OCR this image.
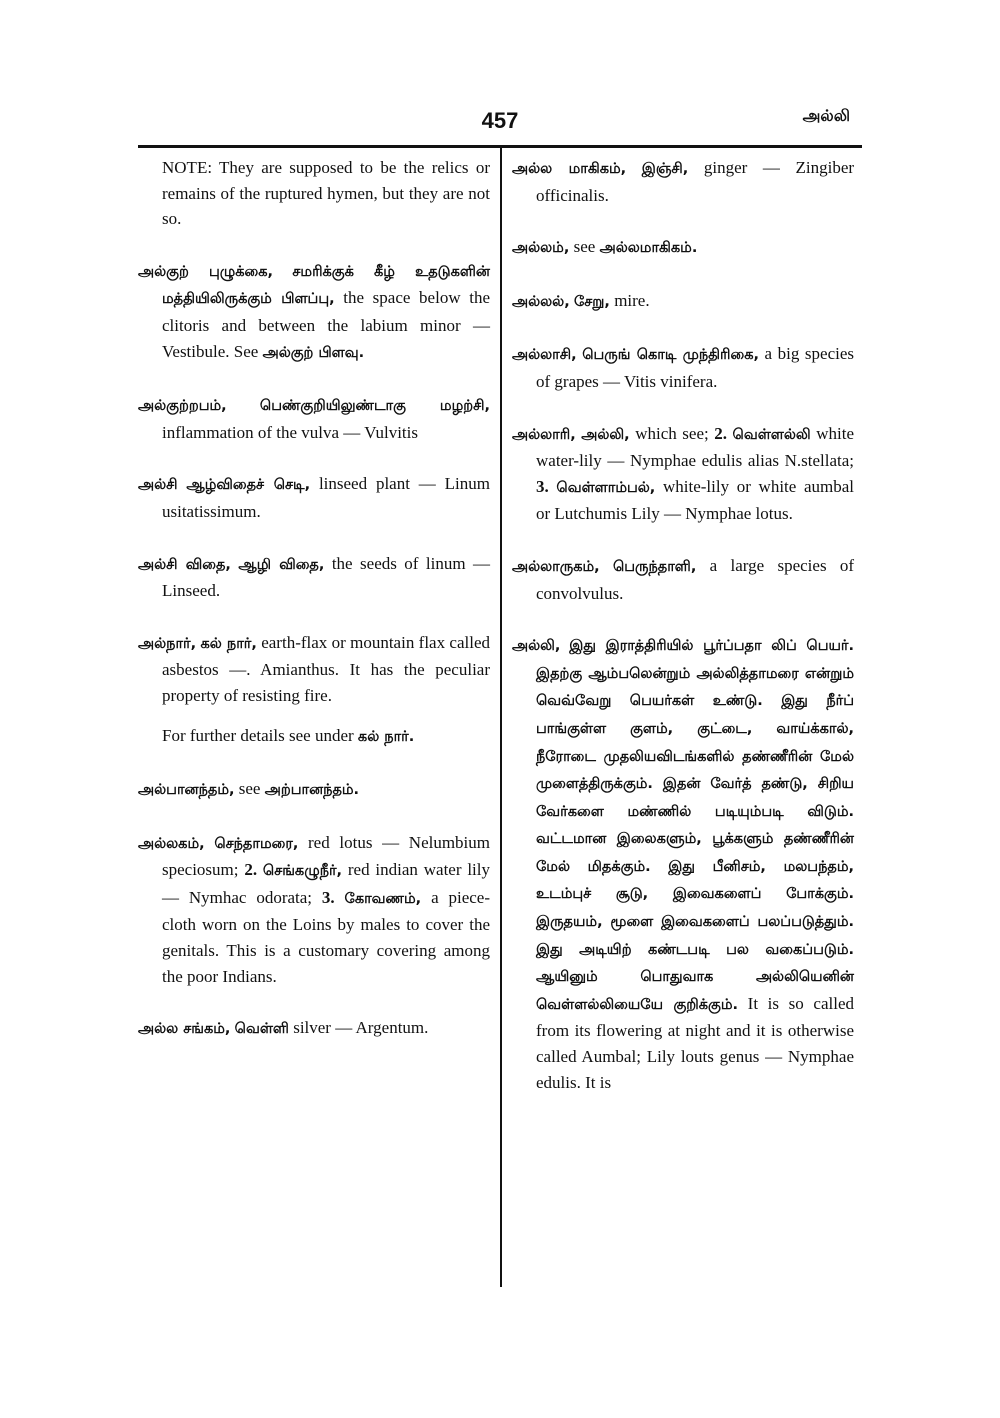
457	அல்லி

NOTE: They are supposed to be the relics or remains of the ruptured hymen, but they are not so.

அல்குற் புழுக்கை, சமரிக்குக் கீழ் உதடுகளின் மத்தியிலிருக்கும் பிளப்பு, the space below the clitoris and between the labium minor — Vestibule. See அல்குற் பிளவு.

அல்குற்றபம், பெண்குறியிலுண்டாகு மழற்சி, inflammation of the vulva — Vulvitis

அல்சி ஆழ்விதைச் செடி, linseed plant — Linum usitatissimum.

அல்சி விதை, ஆழி விதை, the seeds of linum — Linseed.

அல்நார், கல் நார், earth-flax or mountain flax called asbestos —. Amianthus. It has the peculiar property of resisting fire.

For further details see under கல் நார்.

அல்பானந்தம், see அற்பானந்தம்.

அல்லகம், செந்தாமரை, red lotus — Nelumbium speciosum; 2. செங்கழுநீர், red indian water lily — Nymhac odorata; 3. கோவணம், a piece-cloth worn on the Loins by males to cover the genitals. This is a customary covering among the poor Indians.

அல்ல சங்கம், வெள்ளி silver — Argentum.

அல்ல மாகிகம், இஞ்சி, ginger — Zingiber officinalis.

அல்லம், see அல்லமாகிகம்.

அல்லல், சேறு, mire.

அல்லாசி, பெருங் கொடி முந்திரிகை, a big species of grapes — Vitis vinifera.

அல்லாரி, அல்லி, which see; 2. வெள்ளல்லி white water-lily — Nymphae edulis alias N.stellata; 3. வெள்ளாம்பல், white-lily or white aumbal or Lutchumis Lily — Nymphae lotus.

அல்லாருகம், பெருந்தாளி, a large species of convolvulus.

அல்லி, இது இராத்திரியில் பூர்ப்பதா லிப் பெயர். இதற்கு ஆம்பலென்றும் அல்லித்தாமரை என்றும் வெவ்வேறு பெயர்கள் உண்டு. இது நீர்ப் பாங்குள்ள குளம், குட்டை, வாய்க்கால், நீரோடை முதலியவிடங்களில் தண்ணீரின் மேல் முளைத்திருக்கும். இதன் வேர்த் தண்டு, சிறிய வேர்களை மண்ணில் படியும்படி விடும். வட்டமான இலைகளும், பூக்களும் தண்ணீரின் மேல் மிதக்கும். இது பீனிசம், மலபந்தம், உடம்புச் சூடு, இவைகளைப் போக்கும். இருதயம், மூளை இவைகளைப் பலப்படுத்தும். இது அடியிற் கண்டபடி பல வகைப்படும். ஆயினும் பொதுவாக அல்லியெனின் வெள்ளல்லியையே குறிக்கும். It is so called from its flowering at night and it is otherwise called Aumbal; Lily louts genus — Nymphae edulis. It is
